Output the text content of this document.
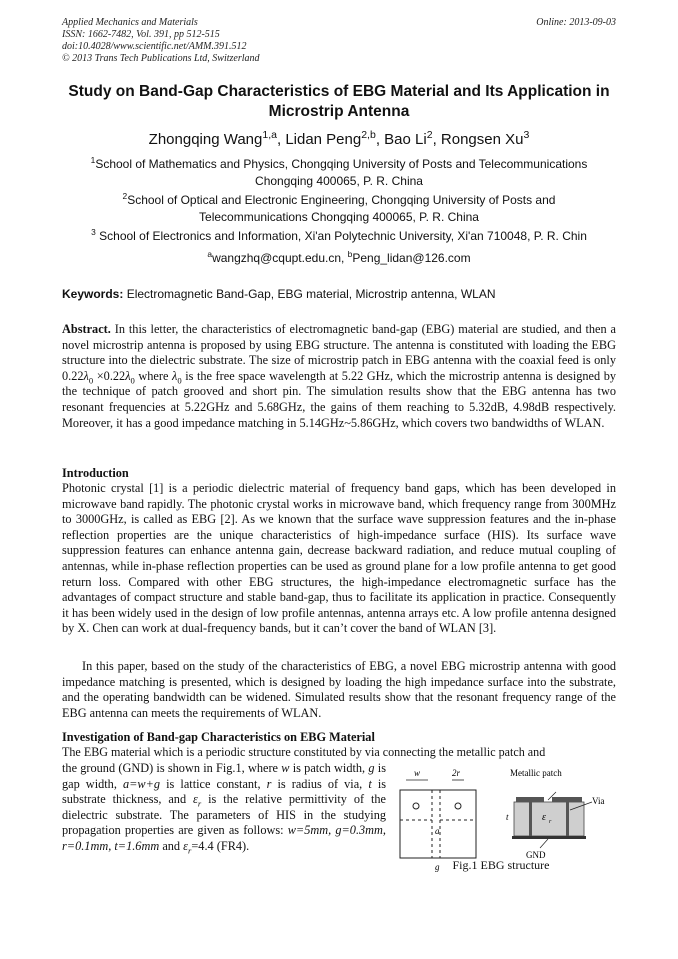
Applied Mechanics and Materials
ISSN: 1662-7482, Vol. 391, pp 512-515
doi:10.4028/www.scientific.net/AMM.391.512
© 2013 Trans Tech Publications Ltd, Switzerland
Online: 2013-09-03
Study on Band-Gap Characteristics of EBG Material and Its Application in Microstrip Antenna
Zhongqing Wang$^{1,a}$, Lidan Peng$^{2,b}$, Bao Li$^2$, Rongsen Xu$^3$
$^1$School of Mathematics and Physics, Chongqing University of Posts and Telecommunications Chongqing 400065, P. R. China
$^2$School of Optical and Electronic Engineering, Chongqing University of Posts and Telecommunications Chongqing 400065, P. R. China
$^3$ School of Electronics and Information, Xi'an Polytechnic University, Xi'an 710048, P. R. Chin
$^a$wangzhq@cqupt.edu.cn, $^b$Peng_lidan@126.com
Keywords: Electromagnetic Band-Gap, EBG material, Microstrip antenna, WLAN
Abstract. In this letter, the characteristics of electromagnetic band-gap (EBG) material are studied, and then a novel microstrip antenna is proposed by using EBG structure. The antenna is constituted with loading the EBG structure into the dielectric substrate. The size of microstrip patch in EBG antenna with the coaxial feed is only $0.22\lambda_0 \times 0.22\lambda_0$ where $\lambda_0$ is the free space wavelength at 5.22 GHz, which the microstrip antenna is designed by the technique of patch grooved and short pin. The simulation results show that the EBG antenna has two resonant frequencies at 5.22GHz and 5.68GHz, the gains of them reaching to 5.32dB, 4.98dB respectively. Moreover, it has a good impedance matching in 5.14GHz~5.86GHz, which covers two bandwidths of WLAN.
Introduction
Photonic crystal [1] is a periodic dielectric material of frequency band gaps, which has been developed in microwave band rapidly. The photonic crystal works in microwave band, which frequency range from 300MHz to 3000GHz, is called as EBG [2]. As we known that the surface wave suppression features and the in-phase reflection properties are the unique characteristics of high-impedance surface (HIS). Its surface wave suppression features can enhance antenna gain, decrease backward radiation, and reduce mutual coupling of antennas, while in-phase reflection properties can be used as ground plane for a low profile antenna to get good return loss. Compared with other EBG structures, the high-impedance electromagnetic surface has the advantages of compact structure and stable band-gap, thus to facilitate its application in practice. Consequently it has been widely used in the design of low profile antennas, antenna arrays etc. A low profile antenna designed by X. Chen can work at dual-frequency bands, but it can’t cover the band of WLAN [3].
In this paper, based on the study of the characteristics of EBG, a novel EBG microstrip antenna with good impedance matching is presented, which is designed by loading the high impedance surface into the substrate, and the operating bandwidth can be widened. Simulated results show that the resonant frequency range of the EBG antenna can meets the requirements of WLAN.
Investigation of Band-gap Characteristics on EBG Material
The EBG material which is a periodic structure constituted by via connecting the metallic patch and
the ground (GND) is shown in Fig.1, where w is patch width, g is gap width, a=w+g is lattice constant, r is radius of via, t is substrate thickness, and $\varepsilon_r$ is the relative permittivity of the dielectric substrate. The parameters of HIS in the studying propagation properties are given as follows: w=5mm, g=0.3mm, r=0.1mm, t=1.6mm and $\varepsilon_r=4.4$ (FR4).
w	2r
a
g
Metallic patch
Via
GND
t	ε r
Fig.1 EBG structure
